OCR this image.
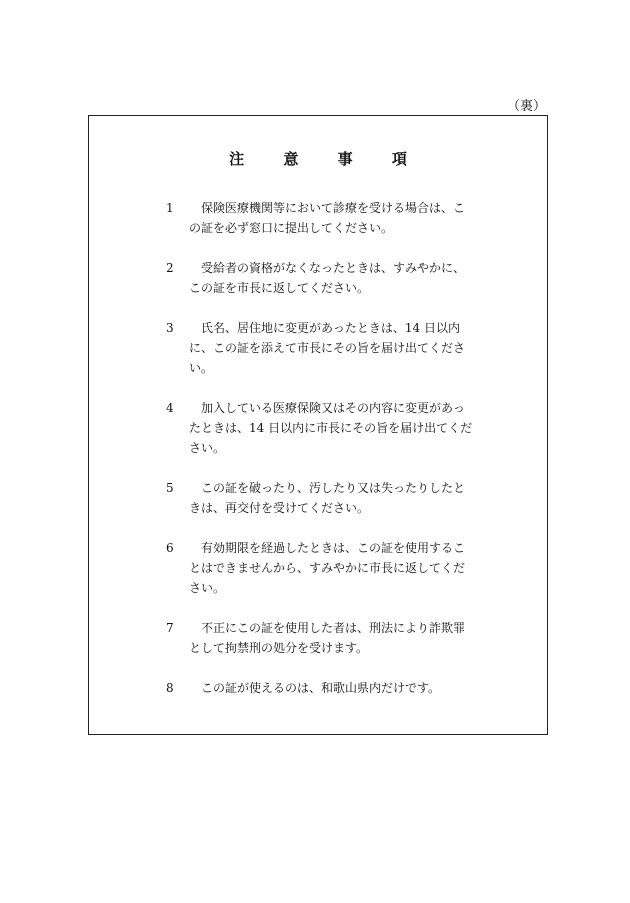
（裏）
注 意 事 項
1	保険医療機関等において診療を受ける場合は、この証を必ず窓口に提出してください。

2	受給者の資格がなくなったときは、すみやかに、この証を市長に返してください。

3	氏名、居住地に変更があったときは、14 日以内に、この証を添えて市長にその旨を届け出てください。

4	加入している医療保険又はその内容に変更があったときは、14 日以内に市長にその旨を届け出てください。

5	この証を破ったり、汚したり又は失ったりしたときは、再交付を受けてください。

6	有効期限を経過したときは、この証を使用することはできませんから、すみやかに市長に返してください。

7	不正にこの証を使用した者は、刑法により詐欺罪として拘禁刑の処分を受けます。

8	この証が使えるのは、和歌山県内だけです。
